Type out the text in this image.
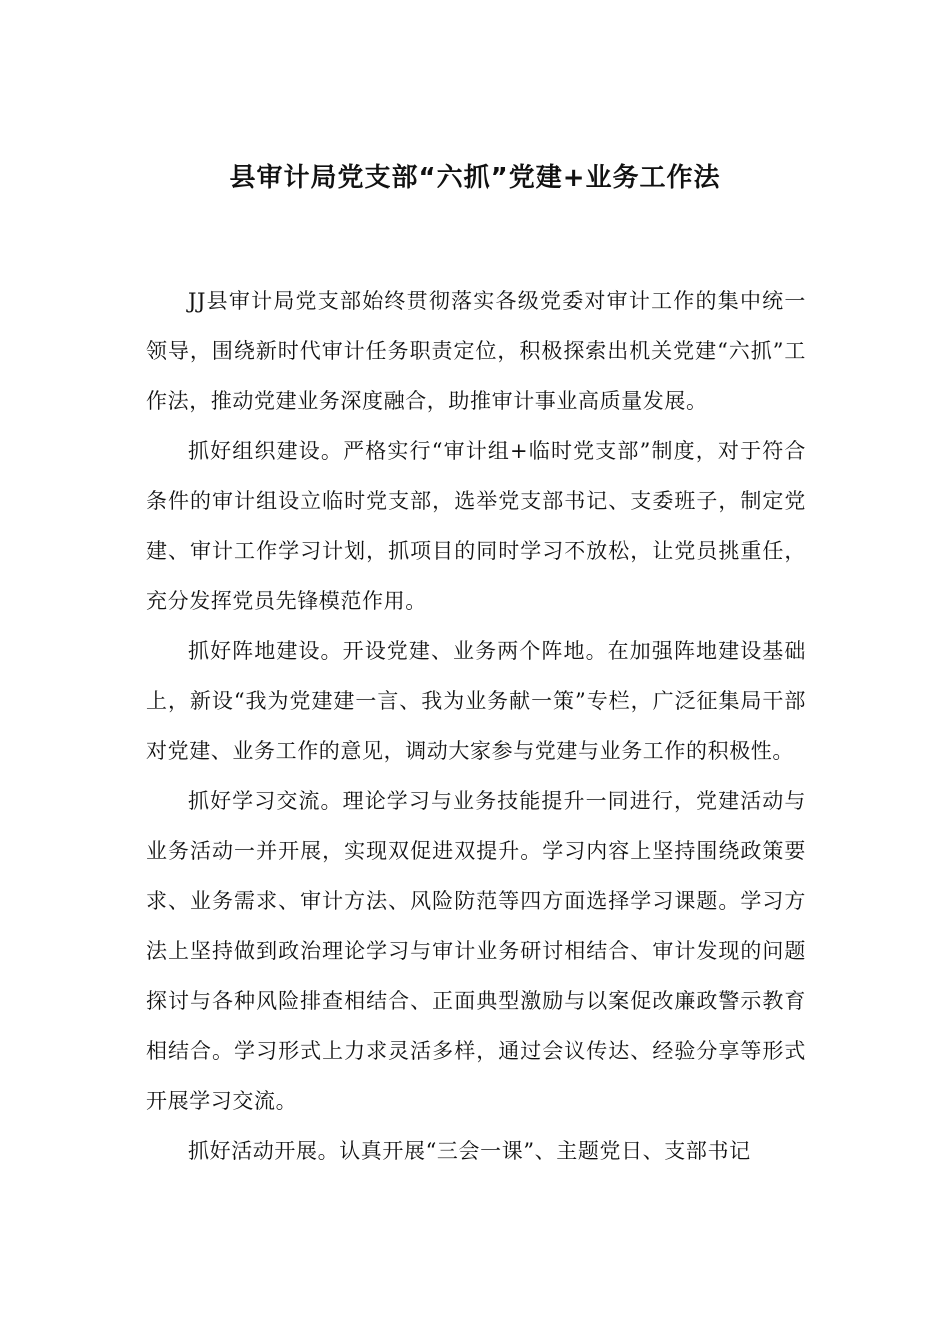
县审计局党支部“六抓”党建+业务工作法

JJ县审计局党支部始终贯彻落实各级党委对审计工作的集中统一领导，围绕新时代审计任务职责定位，积极探索出机关党建“六抓”工作法，推动党建业务深度融合，助推审计事业高质量发展。

抓好组织建设。严格实行“审计组+临时党支部”制度，对于符合条件的审计组设立临时党支部，选举党支部书记、支委班子，制定党建、审计工作学习计划，抓项目的同时学习不放松，让党员挑重任，充分发挥党员先锋模范作用。

抓好阵地建设。开设党建、业务两个阵地。在加强阵地建设基础上，新设“我为党建建一言、我为业务献一策”专栏，广泛征集局干部对党建、业务工作的意见，调动大家参与党建与业务工作的积极性。

抓好学习交流。理论学习与业务技能提升一同进行，党建活动与业务活动一并开展，实现双促进双提升。学习内容上坚持围绕政策要求、业务需求、审计方法、风险防范等四方面选择学习课题。学习方法上坚持做到政治理论学习与审计业务研讨相结合、审计发现的问题探讨与各种风险排查相结合、正面典型激励与以案促改廉政警示教育相结合。学习形式上力求灵活多样，通过会议传达、经验分享等形式开展学习交流。

抓好活动开展。认真开展“三会一课”、主题党日、支部书记
